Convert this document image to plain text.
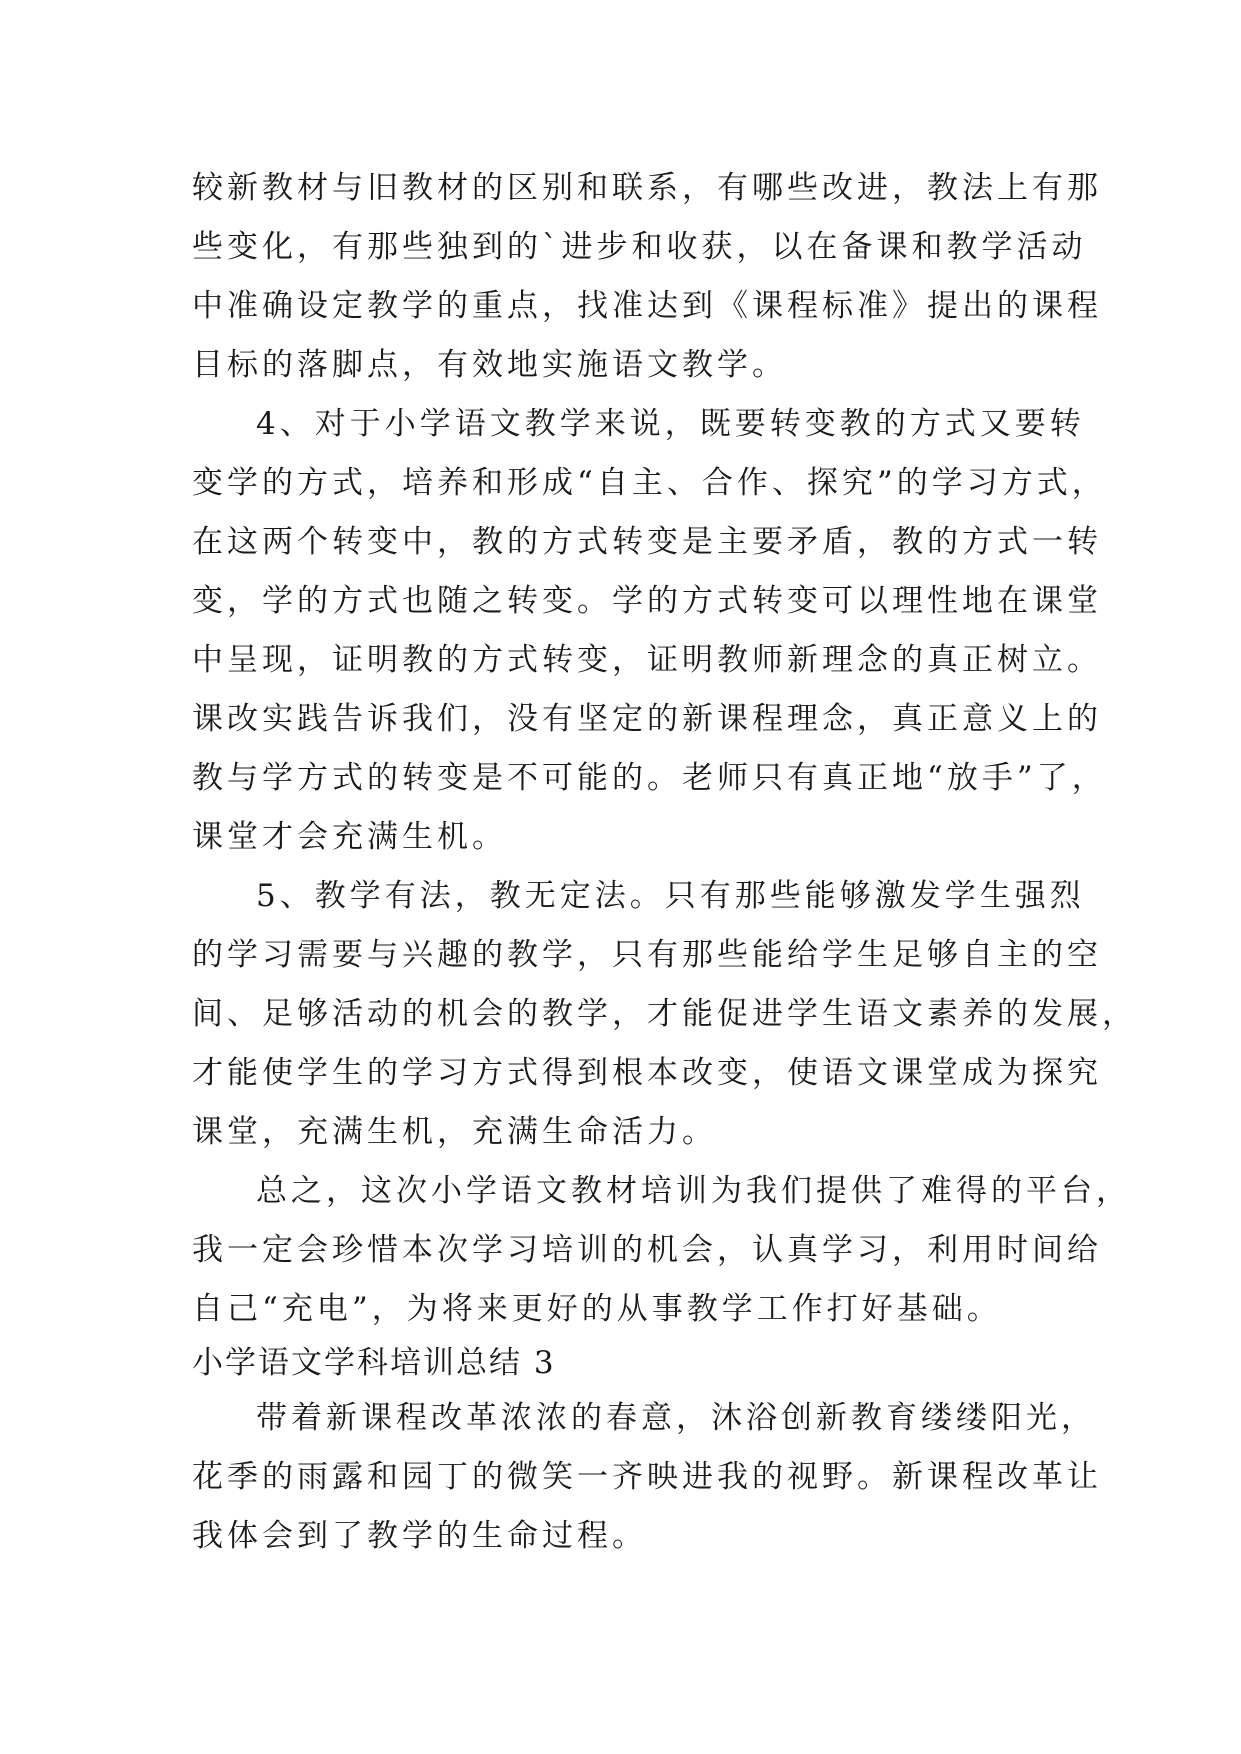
较新教材与旧教材的区别和联系，有哪些改进，教法上有那
些变化，有那些独到的`进步和收获，以在备课和教学活动
中准确设定教学的重点，找准达到《课程标准》提出的课程
目标的落脚点，有效地实施语文教学。
4、对于小学语文教学来说，既要转变教的方式又要转
变学的方式，培养和形成“自主、合作、探究”的学习方式，
在这两个转变中，教的方式转变是主要矛盾，教的方式一转
变，学的方式也随之转变。学的方式转变可以理性地在课堂
中呈现，证明教的方式转变，证明教师新理念的真正树立。
课改实践告诉我们，没有坚定的新课程理念，真正意义上的
教与学方式的转变是不可能的。老师只有真正地“放手”了，
课堂才会充满生机。
5、教学有法，教无定法。只有那些能够激发学生强烈
的学习需要与兴趣的教学，只有那些能给学生足够自主的空
间、足够活动的机会的教学，才能促进学生语文素养的发展，
才能使学生的学习方式得到根本改变，使语文课堂成为探究
课堂，充满生机，充满生命活力。
总之，这次小学语文教材培训为我们提供了难得的平台，
我一定会珍惜本次学习培训的机会，认真学习，利用时间给
自己“充电”，为将来更好的从事教学工作打好基础。
小学语文学科培训总结 3
带着新课程改革浓浓的春意，沐浴创新教育缕缕阳光，
花季的雨露和园丁的微笑一齐映进我的视野。新课程改革让
我体会到了教学的生命过程。
